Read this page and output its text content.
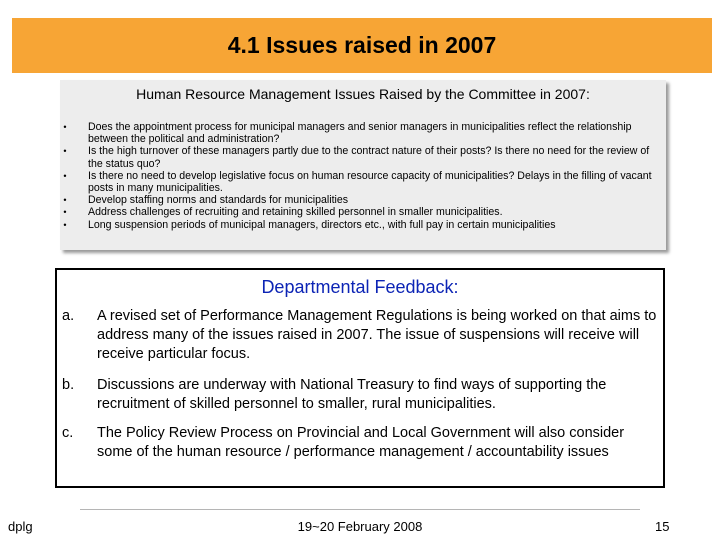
4.1 Issues raised in 2007
Human Resource Management Issues Raised by the Committee in 2007:
•	Does the appointment process for municipal managers and senior managers in municipalities reflect the relationship between the political and administration?
•	Is the high turnover of these managers partly due to the contract nature of their posts? Is there no need for the review of the status quo?
•	Is there no need to develop legislative focus on human resource capacity of municipalities? Delays in the filling of vacant posts in many municipalities.
•	Develop staffing norms and standards for municipalities
•	Address challenges of recruiting and retaining skilled personnel in smaller municipalities.
•	Long suspension periods of municipal managers, directors etc., with full pay in certain municipalities
Departmental Feedback:
a. A revised set of Performance Management Regulations is being worked on that aims to address many of the issues raised in 2007. The issue of suspensions will receive will receive particular focus.
b. Discussions are underway with National Treasury to find ways of supporting the recruitment of skilled personnel to smaller, rural municipalities.
c. The Policy Review Process on Provincial and Local Government will also consider some of the human resource / performance management / accountability issues
dplg	19~20 February 2008	15
